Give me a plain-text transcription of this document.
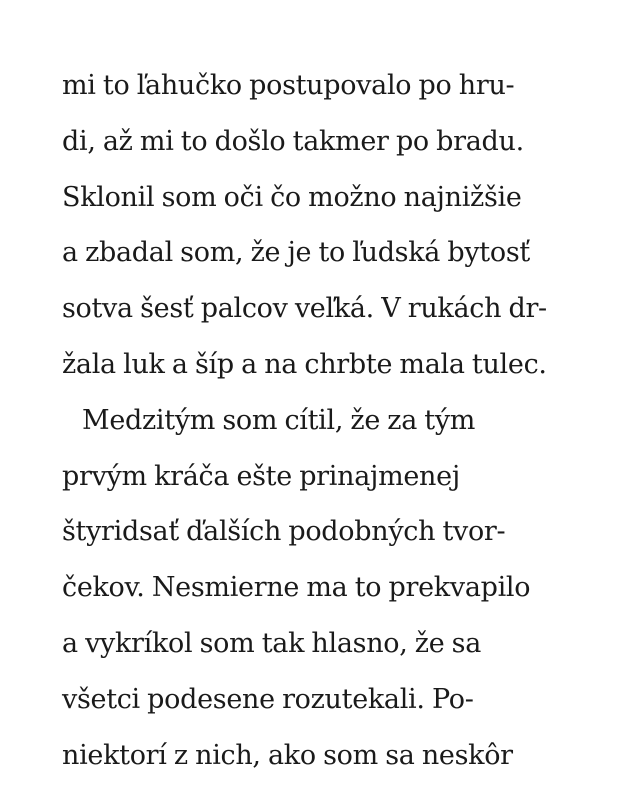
mi to ľahučko postupovalo po hru-
di, až mi to došlo takmer po bradu.
Sklonil som oči čo možno najnižšie
a zbadal som, že je to ľudská bytosť
sotva šesť palcov veľká. V rukách dr-
žala luk a šíp a na chrbte mala tulec.
Medzitým som cítil, že za tým
prvým kráča ešte prinajmenej
štyridsať ďalších podobných tvor-
čekov. Nesmierne ma to prekvapilo
a vykríkol som tak hlasno, že sa
všetci podesene rozutekali. Po-
niektorí z nich, ako som sa neskôr
